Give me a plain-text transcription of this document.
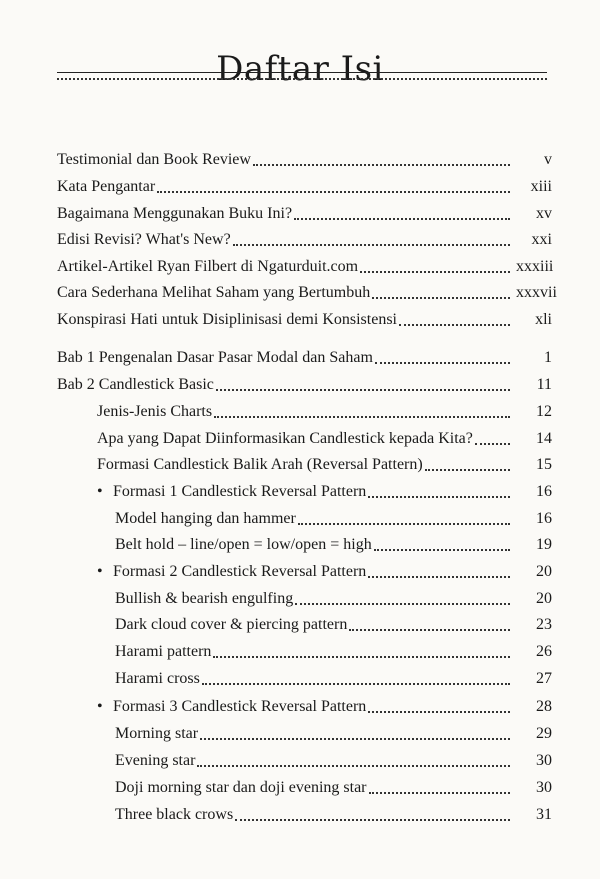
Daftar Isi
Testimonial dan Book Review	v
Kata Pengantar	xiii
Bagaimana Menggunakan Buku Ini?	xv
Edisi Revisi? What's New?	xxi
Artikel-Artikel Ryan Filbert di Ngaturduit.com	xxxiii
Cara Sederhana Melihat Saham yang Bertumbuh	xxxvii
Konspirasi Hati untuk Disiplinisasi demi Konsistensi	xli
Bab 1 Pengenalan Dasar Pasar Modal dan Saham	1
Bab 2 Candlestick Basic	11
Jenis-Jenis Charts	12
Apa yang Dapat Diinformasikan Candlestick kepada Kita?	14
Formasi Candlestick Balik Arah (Reversal Pattern)	15
• Formasi 1 Candlestick Reversal Pattern	16
Model hanging dan hammer	16
Belt hold – line/open = low/open = high	19
• Formasi 2 Candlestick Reversal Pattern	20
Bullish & bearish engulfing	20
Dark cloud cover & piercing pattern	23
Harami pattern	26
Harami cross	27
• Formasi 3 Candlestick Reversal Pattern	28
Morning star	29
Evening star	30
Doji morning star dan doji evening star	30
Three black crows	31
